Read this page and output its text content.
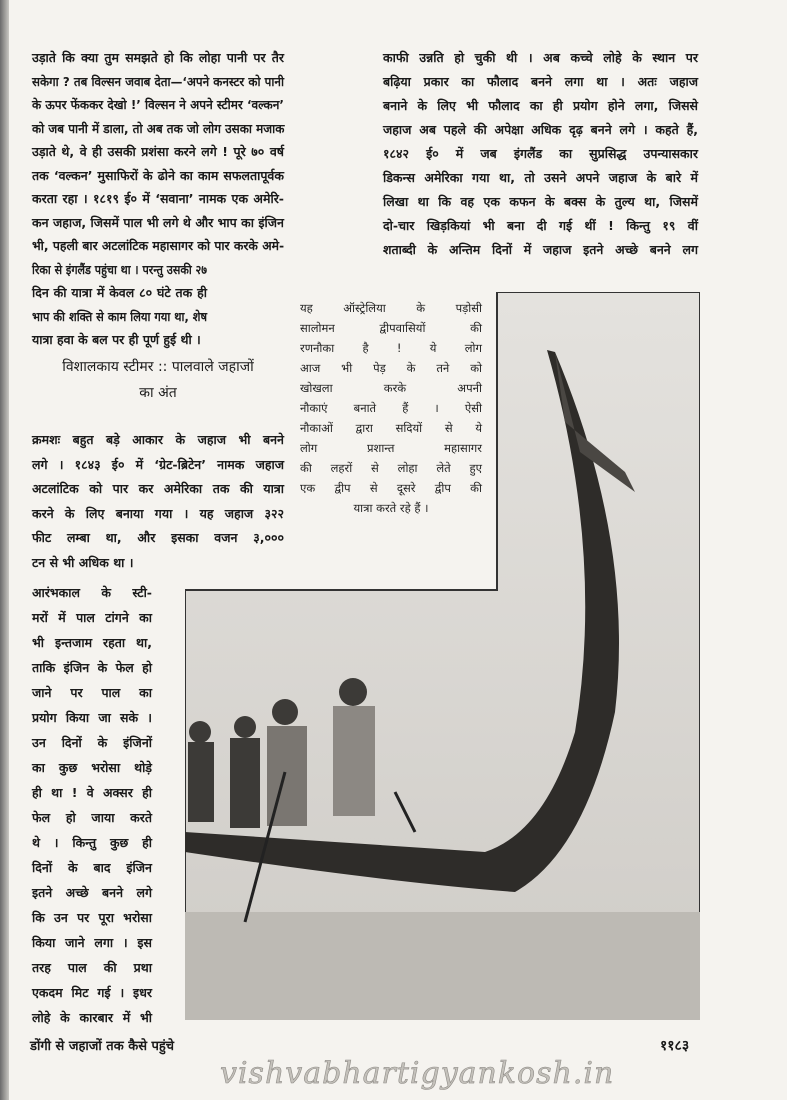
उड़ाते कि क्या तुम समझते हो कि लोहा पानी पर तैर
सकेगा ? तब विल्सन जवाब देता—‘अपने कनस्टर को पानी
के ऊपर फेंककर देखो !’ विल्सन ने अपने स्टीमर ‘वल्कन’
को जब पानी में डाला, तो अब तक जो लोग उसका मजाक
उड़ाते थे, वे ही उसकी प्रशंसा करने लगे ! पूरे ७० वर्ष
तक ‘वल्कन’ मुसाफिरों के ढोने का काम सफलतापूर्वक
करता रहा । १८१९ ई० में ‘सवाना’ नामक एक अमेरि-
कन जहाज, जिसमें पाल भी लगे थे और भाप का इंजिन
भी, पहली बार अटलांटिक महासागर को पार करके अमे-
रिका से इंगलैंड पहुंचा था । परन्तु उसकी २७
दिन की यात्रा में केवल ८० घंटे तक ही
भाप की शक्ति से काम लिया गया था, शेष
यात्रा हवा के बल पर ही पूर्ण हुई थी ।
विशालकाय स्टीमर :: पालवाले जहाजों
का अंत
क्रमशः बहुत बड़े आकार के जहाज भी बनने
लगे । १८४३ ई० में ‘ग्रेट-ब्रिटेन’ नामक जहाज
अटलांटिक को पार कर अमेरिका तक की यात्रा
करने के लिए बनाया गया । यह जहाज ३२२
फीट लम्बा था, और इसका वजन ३,०००
टन से भी अधिक था ।
आरंभकाल के स्टी-
मरों में पाल टांगने का
भी इन्तजाम रहता था,
ताकि इंजिन के फेल हो
जाने पर पाल का
प्रयोग किया जा सके ।
उन दिनों के इंजिनों
का कुछ भरोसा थोड़े
ही था ! वे अक्सर ही
फेल हो जाया करते
थे । किन्तु कुछ ही
दिनों के बाद इंजिन
इतने अच्छे बनने लगे
कि उन पर पूरा भरोसा
किया जाने लगा । इस
तरह पाल की प्रथा
एकदम मिट गई । इधर
लोहे के कारबार में भी
काफी उन्नति हो चुकी थी । अब कच्चे लोहे के स्थान पर
बढ़िया प्रकार का फौलाद बनने लगा था । अतः जहाज
बनाने के लिए भी फौलाद का ही प्रयोग होने लगा, जिससे
जहाज अब पहले की अपेक्षा अधिक दृढ़ बनने लगे । कहते हैं,
१८४२ ई० में जब इंगलैंड का सुप्रसिद्ध उपन्यासकार
डिकन्स अमेरिका गया था, तो उसने अपने जहाज के बारे में
लिखा था कि वह एक कफन के बक्स के तुल्य था, जिसमें
दो-चार खिड़कियां भी बना दी गई थीं ! किन्तु १९ वीं
शताब्दी के अन्तिम दिनों में जहाज इतने अच्छे बनने लग
यह ऑस्ट्रेलिया के पड़ोसी
सालोमन द्वीपवासियों की
रणनौका है ! ये लोग
आज भी पेड़ के तने को
खोखला करके अपनी
नौकाएं बनाते हैं । ऐसी
नौकाओं द्वारा सदियों से ये
लोग प्रशान्त महासागर
की लहरों से लोहा लेते हुए
एक द्वीप से दूसरे द्वीप की
यात्रा करते रहे हैं ।
डोंगी से जहाजों तक कैसे पहुंचे	११८३
vishvabhartigyankosh.in
